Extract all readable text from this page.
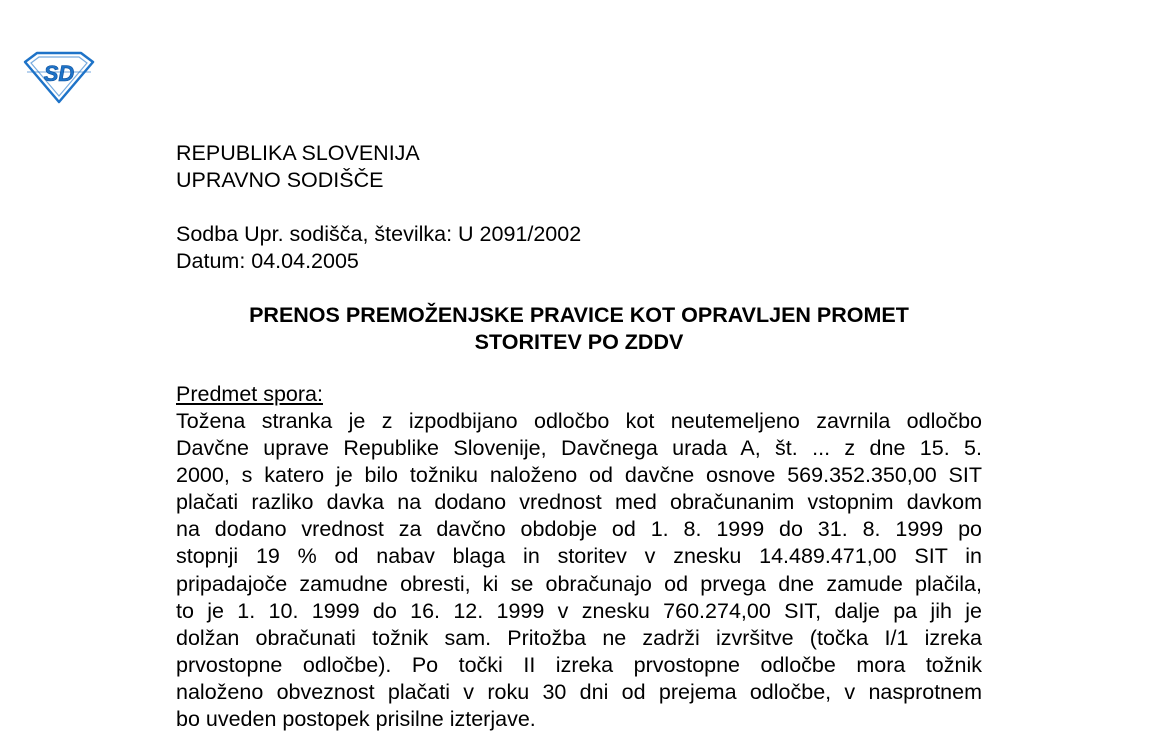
SD
REPUBLIKA SLOVENIJA
UPRAVNO SODIŠČE
Sodba Upr. sodišča, številka: U 2091/2002
Datum: 04.04.2005
PRENOS PREMOŽENJSKE PRAVICE KOT OPRAVLJEN PROMET
STORITEV PO ZDDV
Predmet spora:
Tožena stranka je z izpodbijano odločbo kot neutemeljeno zavrnila odločbo
Davčne uprave Republike Slovenije, Davčnega urada A, št. ... z dne 15. 5.
2000, s katero je bilo tožniku naloženo od davčne osnove 569.352.350,00 SIT
plačati razliko davka na dodano vrednost med obračunanim vstopnim davkom
na dodano vrednost za davčno obdobje od 1. 8. 1999 do 31. 8. 1999 po
stopnji 19 % od nabav blaga in storitev v znesku 14.489.471,00 SIT in
pripadajoče zamudne obresti, ki se obračunajo od prvega dne zamude plačila,
to je 1. 10. 1999 do 16. 12. 1999 v znesku 760.274,00 SIT, dalje pa jih je
dolžan obračunati tožnik sam. Pritožba ne zadrži izvršitve (točka I/1 izreka
prvostopne odločbe). Po točki II izreka prvostopne odločbe mora tožnik
naloženo obveznost plačati v roku 30 dni od prejema odločbe, v nasprotnem
bo uveden postopek prisilne izterjave.
